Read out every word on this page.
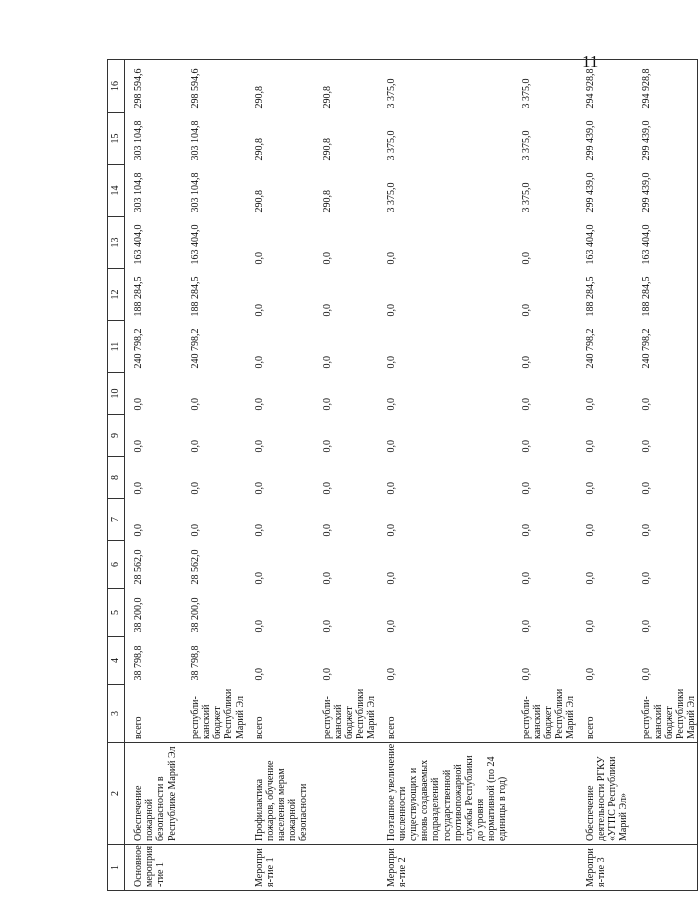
11
1	2	3	4	5	6	7	8	9	10	11	12	13	14	15	16
Основное мероприя-тие 1	Обеспечение пожарной безопасности в Республике Марий Эл	всего	38 798,8	38 200,0	28 562,0	0,0	0,0	0,0	0,0	240 798,2	188 284,5	163 404,0	303 104,8	303 104,8	298 594,6
		республи-канский бюджет Республики Марий Эл	38 798,8	38 200,0	28 562,0	0,0	0,0	0,0	0,0	240 798,2	188 284,5	163 404,0	303 104,8	303 104,8	298 594,6
Мероприя-тие 1	Профилактика пожаров, обучение населения мерам пожарной безопасности	всего	0,0	0,0	0,0	0,0	0,0	0,0	0,0	0,0	0,0	0,0	290,8	290,8	290,8
		республи-канский бюджет Республики Марий Эл	0,0	0,0	0,0	0,0	0,0	0,0	0,0	0,0	0,0	0,0	290,8	290,8	290,8
Мероприя-тие 2	Поэтапное увеличение численности существующих и вновь создаваемых подразделений государственной противопожарной службы Республики до уровня нормативной (по 24 единицы в год)	всего	0,0	0,0	0,0	0,0	0,0	0,0	0,0	0,0	0,0	0,0	3 375,0	3 375,0	3 375,0
		республи-канский бюджет Республики Марий Эл	0,0	0,0	0,0	0,0	0,0	0,0	0,0	0,0	0,0	0,0	3 375,0	3 375,0	3 375,0
Мероприя-тие 3	Обеспечение деятельности РГКУ «УГПС Республики Марий Эл»	всего	0,0	0,0	0,0	0,0	0,0	0,0	0,0	240 798,2	188 284,5	163 404,0	299 439,0	299 439,0	294 928,8
		республи-канский бюджет Республики Марий Эл	0,0	0,0	0,0	0,0	0,0	0,0	0,0	240 798,2	188 284,5	163 404,0	299 439,0	299 439,0	294 928,8
